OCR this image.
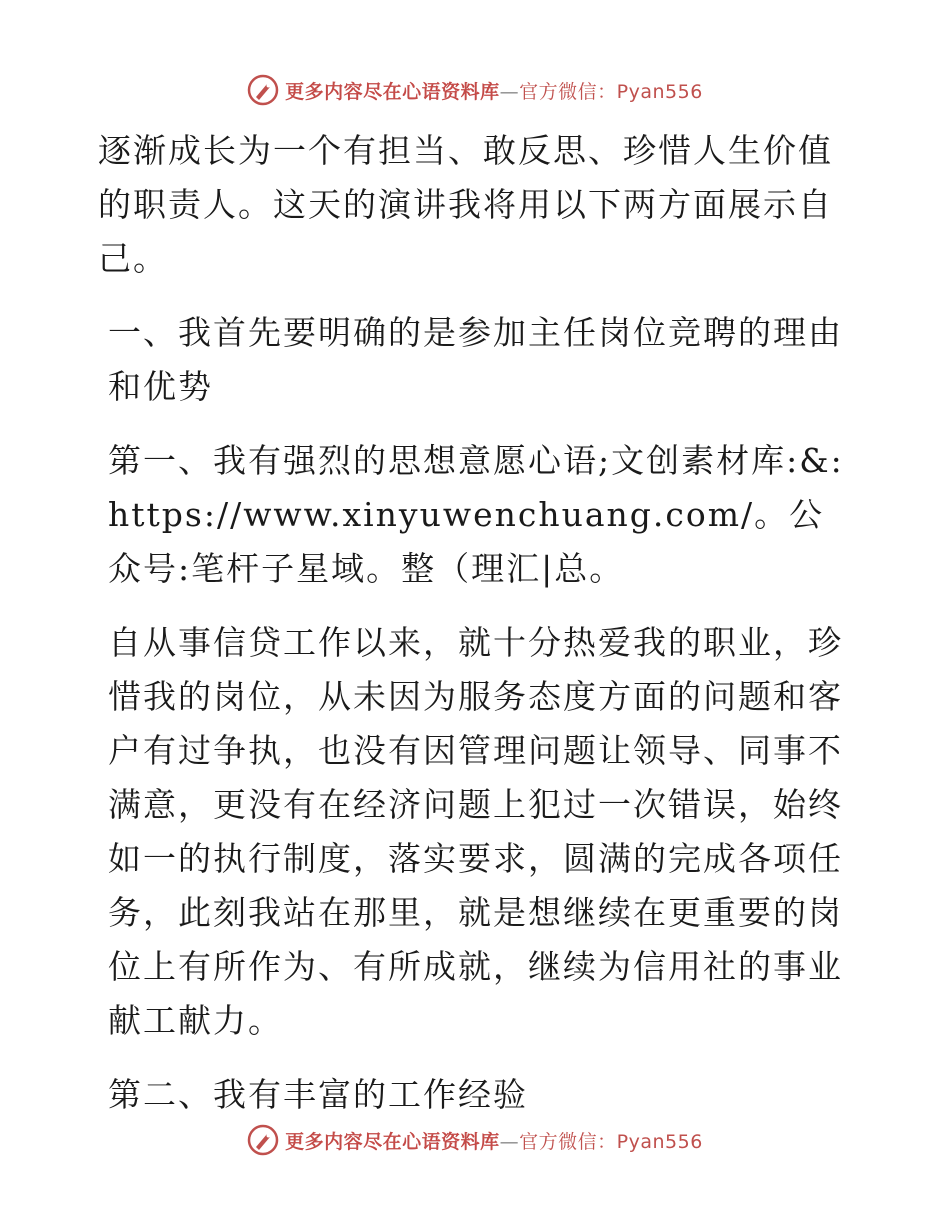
更多内容尽在心语资料库—官方微信：Pyan556

逐渐成长为一个有担当、敢反思、珍惜人生价值的职责人。这天的演讲我将用以下两方面展示自己。

一、我首先要明确的是参加主任岗位竞聘的理由和优势

第一、我有强烈的思想意愿心语;文创素材库:&:https://www.xinyuwenchuang.com/。公众号:笔杆子星域。整（理汇|总。

自从事信贷工作以来，就十分热爱我的职业，珍惜我的岗位，从未因为服务态度方面的问题和客户有过争执，也没有因管理问题让领导、同事不满意，更没有在经济问题上犯过一次错误，始终如一的执行制度，落实要求，圆满的完成各项任务，此刻我站在那里，就是想继续在更重要的岗位上有所作为、有所成就，继续为信用社的事业献工献力。

第二、我有丰富的工作经验

更多内容尽在心语资料库—官方微信：Pyan556
